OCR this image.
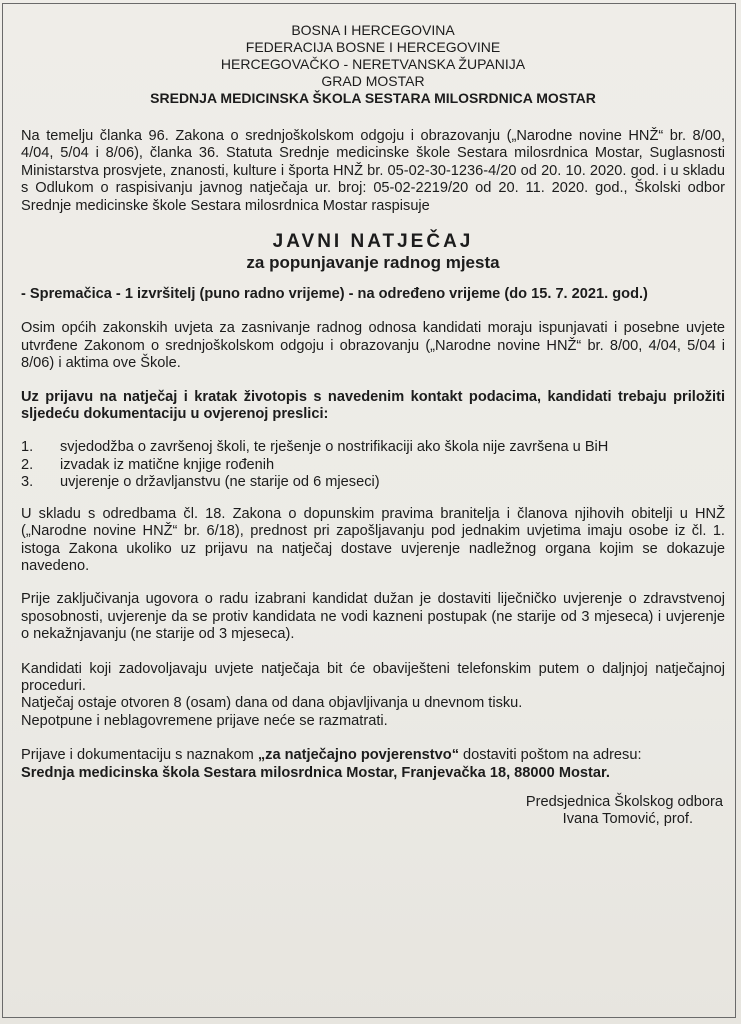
BOSNA I HERCEGOVINA
FEDERACIJA BOSNE I HERCEGOVINE
HERCEGOVAČKO - NERETVANSKA ŽUPANIJA
GRAD MOSTAR
SREDNJA MEDICINSKA ŠKOLA SESTARA MILOSRDNICA MOSTAR

Na temelju članka 96. Zakona o srednjoškolskom odgoju i obrazovanju („Narodne novine HNŽ“ br. 8/00, 4/04, 5/04 i 8/06), članka 36. Statuta Srednje medicinske škole Sestara milosrdnica Mostar, Suglasnosti Ministarstva prosvjete, znanosti, kulture i športa HNŽ br. 05-02-30-1236-4/20 od 20. 10. 2020. god. i u skladu s Odlukom o raspisivanju javnog natječaja ur. broj: 05-02-2219/20 od 20. 11. 2020. god., Školski odbor Srednje medicinske škole Sestara milosrdnica Mostar raspisuje

JAVNI NATJEČAJ
za popunjavanje radnog mjesta

- Spremačica - 1 izvršitelj (puno radno vrijeme) - na određeno vrijeme (do 15. 7. 2021. god.)

Osim općih zakonskih uvjeta za zasnivanje radnog odnosa kandidati moraju ispunjavati i posebne uvjete utvrđene Zakonom o srednjoškolskom odgoju i obrazovanju („Narodne novine HNŽ“ br. 8/00, 4/04, 5/04 i 8/06) i aktima ove Škole.

Uz prijavu na natječaj i kratak životopis s navedenim kontakt podacima, kandidati trebaju priložiti sljedeću dokumentaciju u ovjerenoj preslici:

1.	svjedodžba o završenoj školi, te rješenje o nostrifikaciji ako škola nije završena u BiH
2.	izvadak iz matične knjige rođenih
3.	uvjerenje o državljanstvu (ne starije od 6 mjeseci)

U skladu s odredbama čl. 18. Zakona o dopunskim pravima branitelja i članova njihovih obitelji u HNŽ („Narodne novine HNŽ“ br. 6/18), prednost pri zapošljavanju pod jednakim uvjetima imaju osobe iz čl. 1. istoga Zakona ukoliko uz prijavu na natječaj dostave uvjerenje nadležnog organa kojim se dokazuje navedeno.

Prije zaključivanja ugovora o radu izabrani kandidat dužan je dostaviti liječničko uvjerenje o zdravstvenoj sposobnosti, uvjerenje da se protiv kandidata ne vodi kazneni postupak (ne starije od 3 mjeseca) i uvjerenje o nekažnjavanju (ne starije od 3 mjeseca).

Kandidati koji zadovoljavaju uvjete natječaja bit će obaviješteni telefonskim putem o daljnjoj natječajnoj proceduri.

Natječaj ostaje otvoren 8 (osam) dana od dana objavljivanja u dnevnom tisku.

Nepotpune i neblagovremene prijave neće se razmatrati.

Prijave i dokumentaciju s naznakom „za natječajno povjerenstvo“ dostaviti poštom na adresu:

Srednja medicinska škola Sestara milosrdnica Mostar, Franjevačka 18, 88000 Mostar.

Predsjednica Školskog odbora
Ivana Tomović, prof.
